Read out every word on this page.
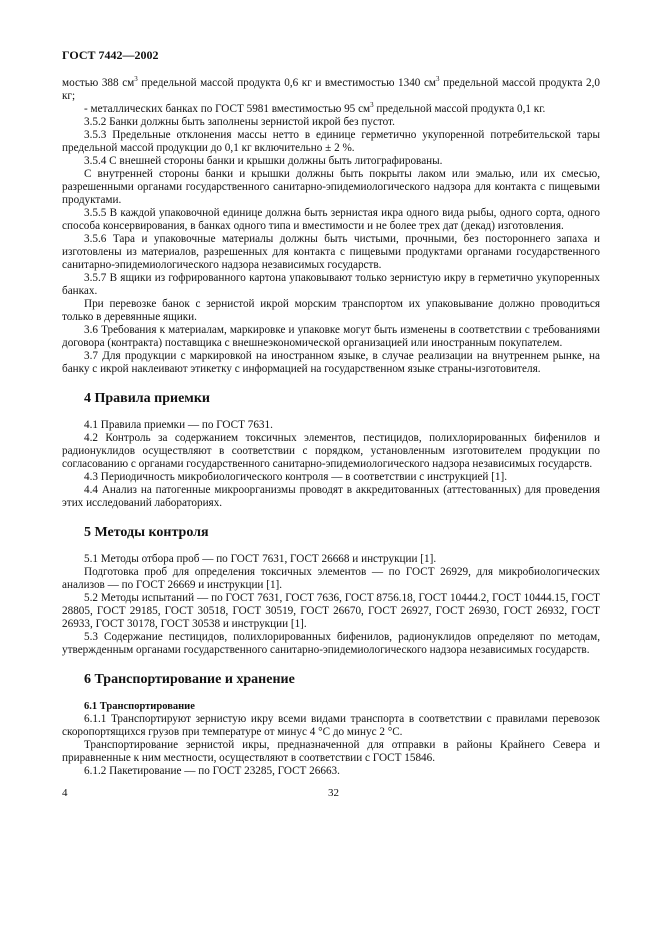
ГОСТ 7442—2002

мостью 388 $см^3$ предельной массой продукта 0,6 кг и вместимостью 1340 $см^3$ предельной массой продукта 2,0 кг;

- металлических банках по ГОСТ 5981 вместимостью 95 $см^3$ предельной массой продукта 0,1 кг.

3.5.2 Банки должны быть заполнены зернистой икрой без пустот.

3.5.3 Предельные отклонения массы нетто в единице герметично укупоренной потребительской тары предельной массой продукции до 0,1 кг включительно ± 2 %.

3.5.4 С внешней стороны банки и крышки должны быть литографированы.

С внутренней стороны банки и крышки должны быть покрыты лаком или эмалью, или их смесью, разрешенными органами государственного санитарно-эпидемиологического надзора для контакта с пищевыми продуктами.

3.5.5 В каждой упаковочной единице должна быть зернистая икра одного вида рыбы, одного сорта, одного способа консервирования, в банках одного типа и вместимости и не более трех дат (декад) изготовления.

3.5.6 Тара и упаковочные материалы должны быть чистыми, прочными, без постороннего запаха и изготовлены из материалов, разрешенных для контакта с пищевыми продуктами органами государственного санитарно-эпидемиологического надзора независимых государств.

3.5.7 В ящики из гофрированного картона упаковывают только зернистую икру в герметично укупоренных банках.

При перевозке банок с зернистой икрой морским транспортом их упаковывание должно проводиться только в деревянные ящики.

3.6 Требования к материалам, маркировке и упаковке могут быть изменены в соответствии с требованиями договора (контракта) поставщика с внешнеэкономической организацией или иностранным покупателем.

3.7 Для продукции с маркировкой на иностранном языке, в случае реализации на внутреннем рынке, на банку с икрой наклеивают этикетку с информацией на государственном языке страны-изготовителя.

4 Правила приемки

4.1 Правила приемки — по ГОСТ 7631.

4.2 Контроль за содержанием токсичных элементов, пестицидов, полихлорированных бифенилов и радионуклидов осуществляют в соответствии с порядком, установленным изготовителем продукции по согласованию с органами государственного санитарно-эпидемиологического надзора независимых государств.

4.3 Периодичность микробиологического контроля — в соответствии с инструкцией [1].

4.4 Анализ на патогенные микроорганизмы проводят в аккредитованных (аттестованных) для проведения этих исследований лабораториях.

5 Методы контроля

5.1 Методы отбора проб — по ГОСТ 7631, ГОСТ 26668 и инструкции [1].

Подготовка проб для определения токсичных элементов — по ГОСТ 26929, для микробиологических анализов — по ГОСТ 26669 и инструкции [1].

5.2 Методы испытаний — по ГОСТ 7631, ГОСТ 7636, ГОСТ 8756.18, ГОСТ 10444.2, ГОСТ 10444.15, ГОСТ 28805, ГОСТ 29185, ГОСТ 30518, ГОСТ 30519, ГОСТ 26670, ГОСТ 26927, ГОСТ 26930, ГОСТ 26932, ГОСТ 26933, ГОСТ 30178, ГОСТ 30538 и инструкции [1].

5.3 Содержание пестицидов, полихлорированных бифенилов, радионуклидов определяют по методам, утвержденным органами государственного санитарно-эпидемиологического надзора независимых государств.

6 Транспортирование и хранение

6.1 Транспортирование

6.1.1 Транспортируют зернистую икру всеми видами транспорта в соответствии с правилами перевозок скоропортящихся грузов при температуре от минус 4 °С до минус 2 °С.

Транспортирование зернистой икры, предназначенной для отправки в районы Крайнего Севера и приравненные к ним местности, осуществляют в соответствии с ГОСТ 15846.

6.1.2 Пакетирование — по ГОСТ 23285, ГОСТ 26663.

4	32
